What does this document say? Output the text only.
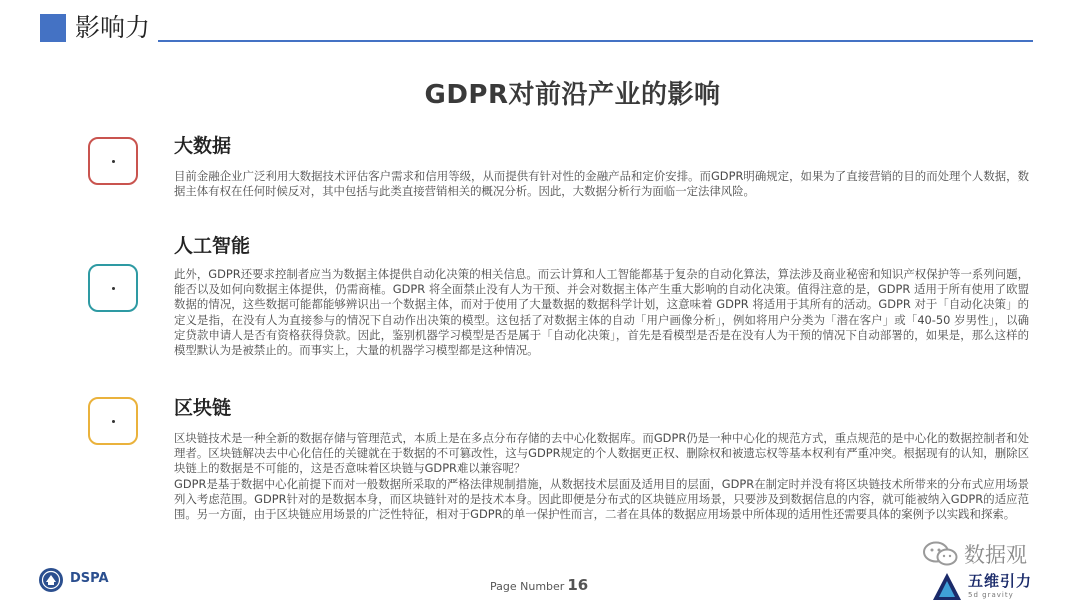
影响力
GDPR对前沿产业的影响
大数据
目前金融企业广泛利用大数据技术评估客户需求和信用等级，从而提供有针对性的金融产品和定价安排。而GDPR明确规定，如果为了直接营销的目的而处理个人数据，数据主体有权在任何时候反对，其中包括与此类直接营销相关的概况分析。因此，大数据分析行为面临一定法律风险。
人工智能
此外，GDPR还要求控制者应当为数据主体提供自动化决策的相关信息。而云计算和人工智能都基于复杂的自动化算法，算法涉及商业秘密和知识产权保护等一系列问题，能否以及如何向数据主体提供，仍需商榷。GDPR 将全面禁止没有人为干预、并会对数据主体产生重大影响的自动化决策。值得注意的是，GDPR 适用于所有使用了欧盟数据的情况，这些数据可能都能够辨识出一个数据主体，而对于使用了大量数据的数据科学计划，这意味着 GDPR 将适用于其所有的活动。GDPR 对于「自动化决策」的定义是指，在没有人为直接参与的情况下自动作出决策的模型。这包括了对数据主体的自动「用户画像分析」，例如将用户分类为「潜在客户」或「40-50 岁男性」，以确定贷款申请人是否有资格获得贷款。因此，鉴别机器学习模型是否是属于「自动化决策」，首先是看模型是否是在没有人为干预的情况下自动部署的，如果是，那么这样的模型默认为是被禁止的。而事实上，大量的机器学习模型都是这种情况。
区块链
区块链技术是一种全新的数据存储与管理范式，本质上是在多点分布存储的去中心化数据库。而GDPR仍是一种中心化的规范方式，重点规范的是中心化的数据控制者和处理者。区块链解决去中心化信任的关键就在于数据的不可篡改性，这与GDPR规定的个人数据更正权、删除权和被遗忘权等基本权利有严重冲突。根据现有的认知，删除区块链上的数据是不可能的，这是否意味着区块链与GDPR难以兼容呢？
GDPR是基于数据中心化前提下而对一般数据所采取的严格法律规制措施，从数据技术层面及适用目的层面，GDPR在制定时并没有将区块链技术所带来的分布式应用场景列入考虑范围。GDPR针对的是数据本身，而区块链针对的是技术本身。因此即便是分布式的区块链应用场景，只要涉及到数据信息的内容，就可能被纳入GDPR的适应范围。另一方面，由于区块链应用场景的广泛性特征，相对于GDPR的单一保护性而言，二者在具体的数据应用场景中所体现的适用性还需要具体的案例予以实践和探索。
DSPA
Page Number 16
数据观
五维引力
5d gravity
